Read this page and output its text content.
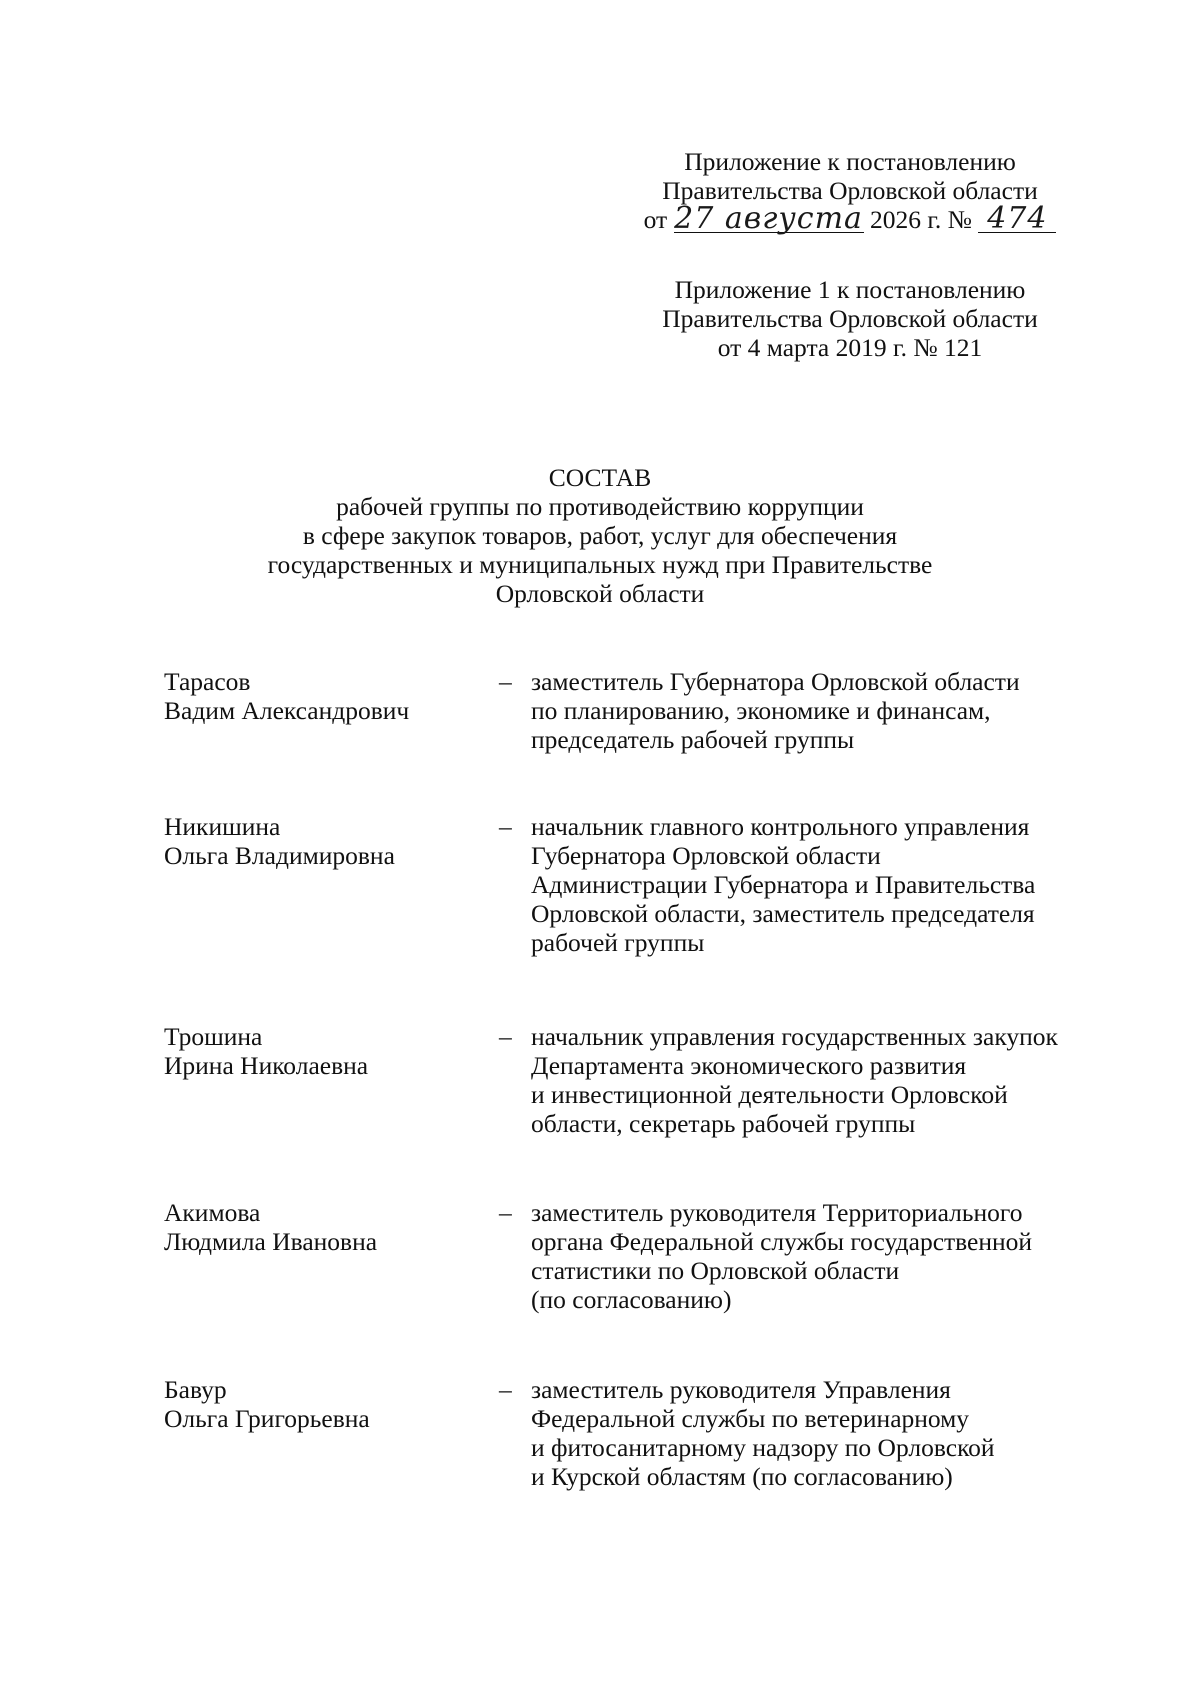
Приложение к постановлению
Правительства Орловской области
от 27 августа 2026 г. № 474
Приложение 1 к постановлению
Правительства Орловской области
от 4 марта 2019 г. № 121
СОСТАВ
рабочей группы по противодействию коррупции
в сфере закупок товаров, работ, услуг для обеспечения
государственных и муниципальных нужд при Правительстве
Орловской области
Тарасов
Вадим Александрович
– заместитель Губернатора Орловской области
по планированию, экономике и финансам,
председатель рабочей группы
Никишина
Ольга Владимировна
– начальник главного контрольного управления
Губернатора Орловской области
Администрации Губернатора и Правительства
Орловской области, заместитель председателя
рабочей группы
Трошина
Ирина Николаевна
– начальник управления государственных закупок
Департамента экономического развития
и инвестиционной деятельности Орловской
области, секретарь рабочей группы
Акимова
Людмила Ивановна
– заместитель руководителя Территориального
органа Федеральной службы государственной
статистики по Орловской области
(по согласованию)
Бавур
Ольга Григорьевна
– заместитель руководителя Управления
Федеральной службы по ветеринарному
и фитосанитарному надзору по Орловской
и Курской областям (по согласованию)
